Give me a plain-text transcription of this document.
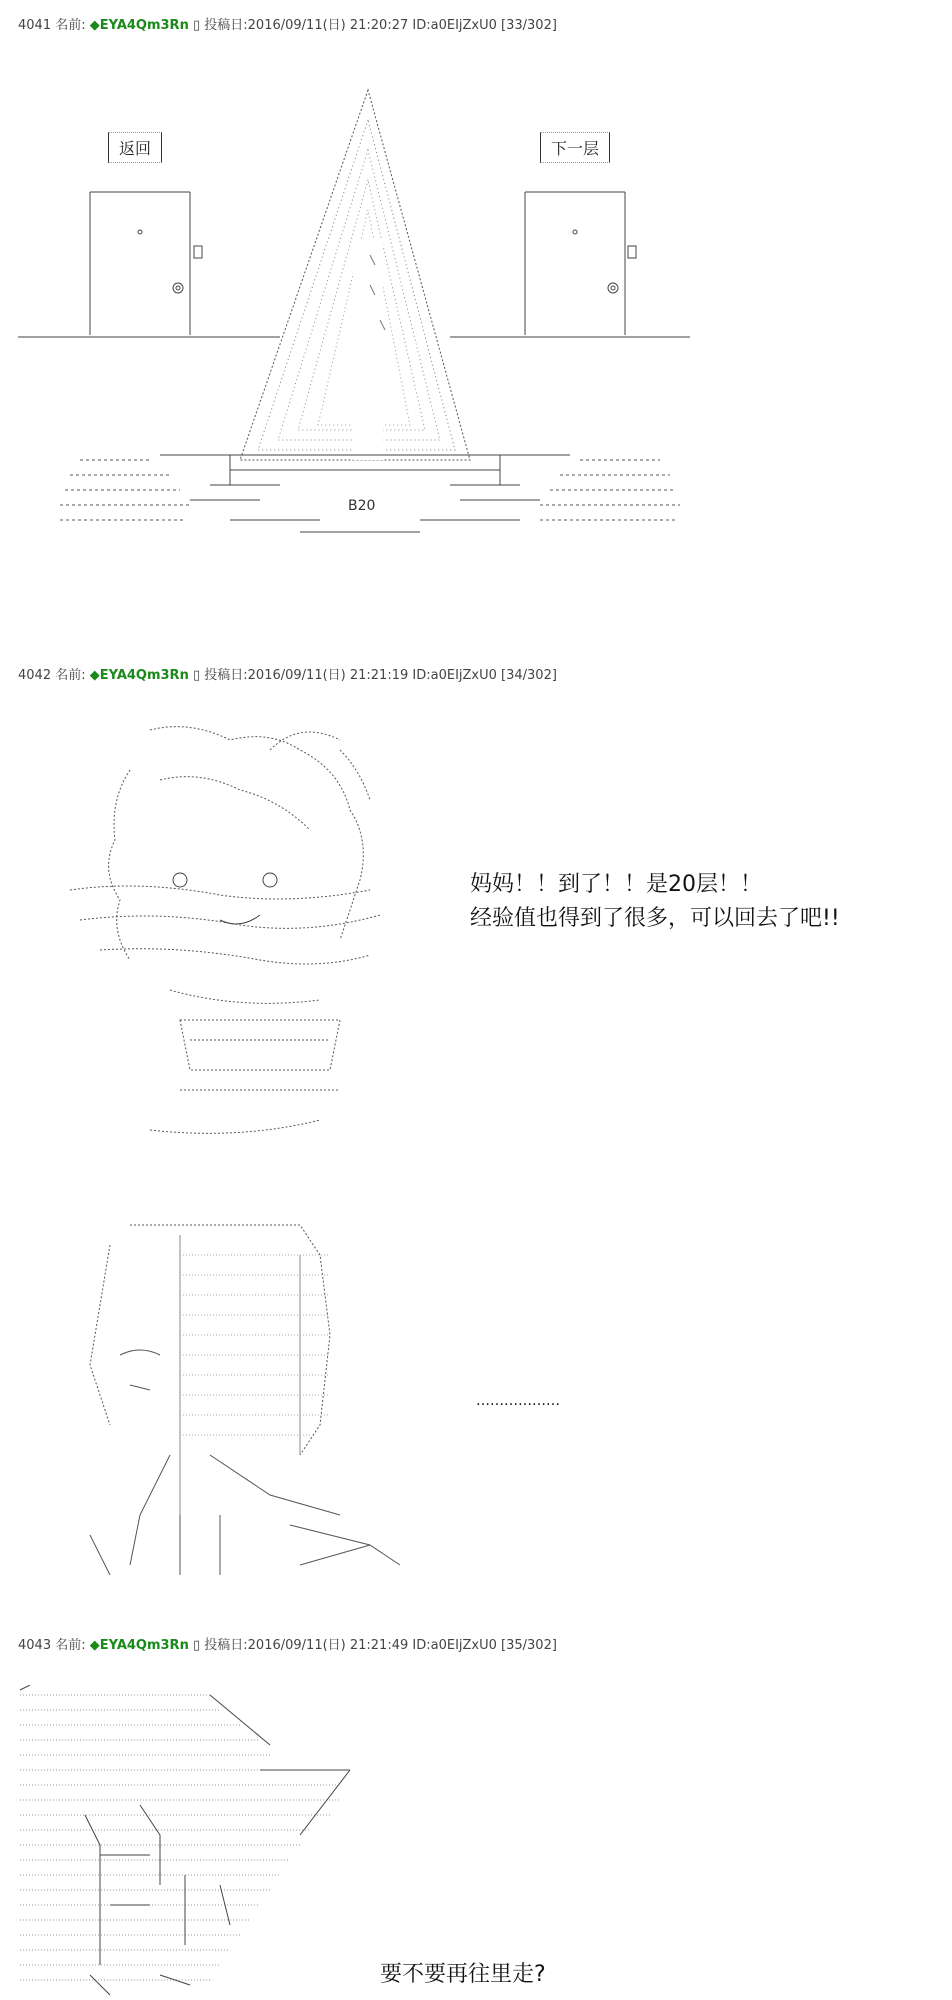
4041 名前: ◆EYA4Qm3Rn ▯ 投稿日:2016/09/11(日) 21:20:27 ID:a0EIjZxU0 [33/302]
返回	下一层
B20
4042 名前: ◆EYA4Qm3Rn ▯ 投稿日:2016/09/11(日) 21:21:19 ID:a0EIjZxU0 [34/302]
妈妈！！到了！！是20层！！
经验值也得到了很多，可以回去了吧!!
………………
4043 名前: ◆EYA4Qm3Rn ▯ 投稿日:2016/09/11(日) 21:21:49 ID:a0EIjZxU0 [35/302]
要不要再往里走?
